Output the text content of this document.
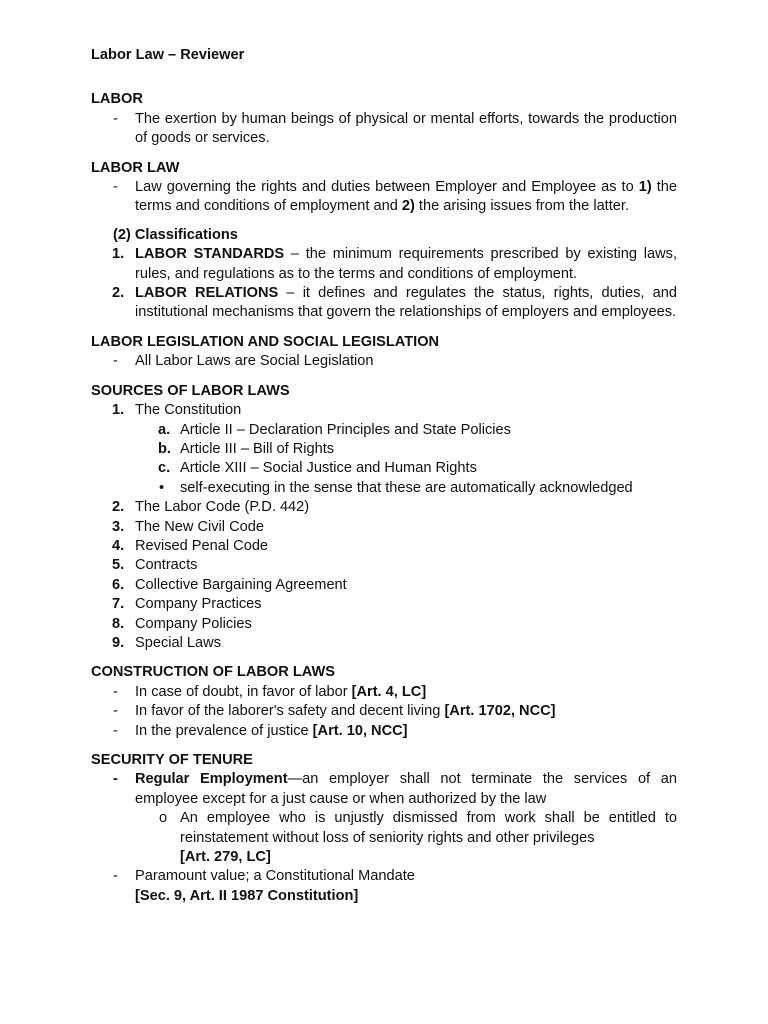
Labor Law – Reviewer
LABOR
-	The exertion by human beings of physical or mental efforts, towards the production of goods or services.
LABOR LAW
-	Law governing the rights and duties between Employer and Employee as to 1) the terms and conditions of employment and 2) the arising issues from the latter.
(2) Classifications
1. LABOR STANDARDS – the minimum requirements prescribed by existing laws, rules, and regulations as to the terms and conditions of employment.
2. LABOR RELATIONS – it defines and regulates the status, rights, duties, and institutional mechanisms that govern the relationships of employers and employees.
LABOR LEGISLATION AND SOCIAL LEGISLATION
-	All Labor Laws are Social Legislation
SOURCES OF LABOR LAWS
1. The Constitution
a. Article II – Declaration Principles and State Policies
b. Article III – Bill of Rights
c. Article XIII – Social Justice and Human Rights
•	self-executing in the sense that these are automatically acknowledged
2. The Labor Code (P.D. 442)
3. The New Civil Code
4. Revised Penal Code
5. Contracts
6. Collective Bargaining Agreement
7. Company Practices
8. Company Policies
9. Special Laws
CONSTRUCTION OF LABOR LAWS
-	In case of doubt, in favor of labor [Art. 4, LC]
-	In favor of the laborer's safety and decent living [Art. 1702, NCC]
-	In the prevalence of justice [Art. 10, NCC]
SECURITY OF TENURE
-	Regular Employment—an employer shall not terminate the services of an employee except for a just cause or when authorized by the law
o An employee who is unjustly dismissed from work shall be entitled to reinstatement without loss of seniority rights and other privileges
[Art. 279, LC]
-	Paramount value; a Constitutional Mandate
[Sec. 9, Art. II 1987 Constitution]
